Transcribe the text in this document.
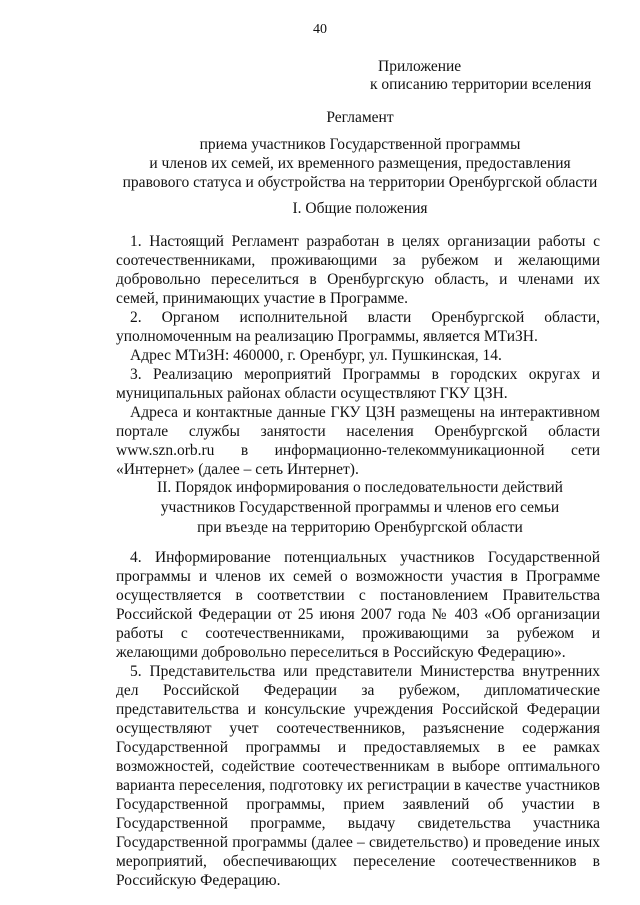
40
Приложение
к описанию территории вселения
Регламент
приема участников Государственной программы
и членов их семей, их временного размещения, предоставления
правового статуса и обустройства на территории Оренбургской области
I. Общие положения

1. Настоящий Регламент разработан в целях организации работы с соотечественниками, проживающими за рубежом и желающими добровольно переселиться в Оренбургскую область, и членами их семей, принимающих участие в Программе.

2. Органом исполнительной власти Оренбургской области, уполномоченным на реализацию Программы, является МТиЗН.

Адрес МТиЗН: 460000, г. Оренбург, ул. Пушкинская, 14.

3. Реализацию мероприятий Программы в городских округах и муниципальных районах области осуществляют ГКУ ЦЗН.

Адреса и контактные данные ГКУ ЦЗН размещены на интерактивном портале службы занятости населения Оренбургской области www.szn.orb.ru в информационно-телекоммуникационной сети «Интернет» (далее – сеть Интернет).

II. Порядок информирования о последовательности действий
участников Государственной программы и членов его семьи
при въезде на территорию Оренбургской области

4. Информирование потенциальных участников Государственной программы и членов их семей о возможности участия в Программе осуществляется в соответствии с постановлением Правительства Российской Федерации от 25 июня 2007 года № 403 «Об организации работы с соотечественниками, проживающими за рубежом и желающими добровольно переселиться в Российскую Федерацию».

5. Представительства или представители Министерства внутренних дел Российской Федерации за рубежом, дипломатические представительства и консульские учреждения Российской Федерации осуществляют учет соотечественников, разъяснение содержания Государственной программы и предоставляемых в ее рамках возможностей, содействие соотечественникам в выборе оптимального варианта переселения, подготовку их регистрации в качестве участников Государственной программы, прием заявлений об участии в Государственной программе, выдачу свидетельства участника Государственной программы (далее – свидетельство) и проведение иных мероприятий, обеспечивающих переселение соотечественников в Российскую Федерацию.
